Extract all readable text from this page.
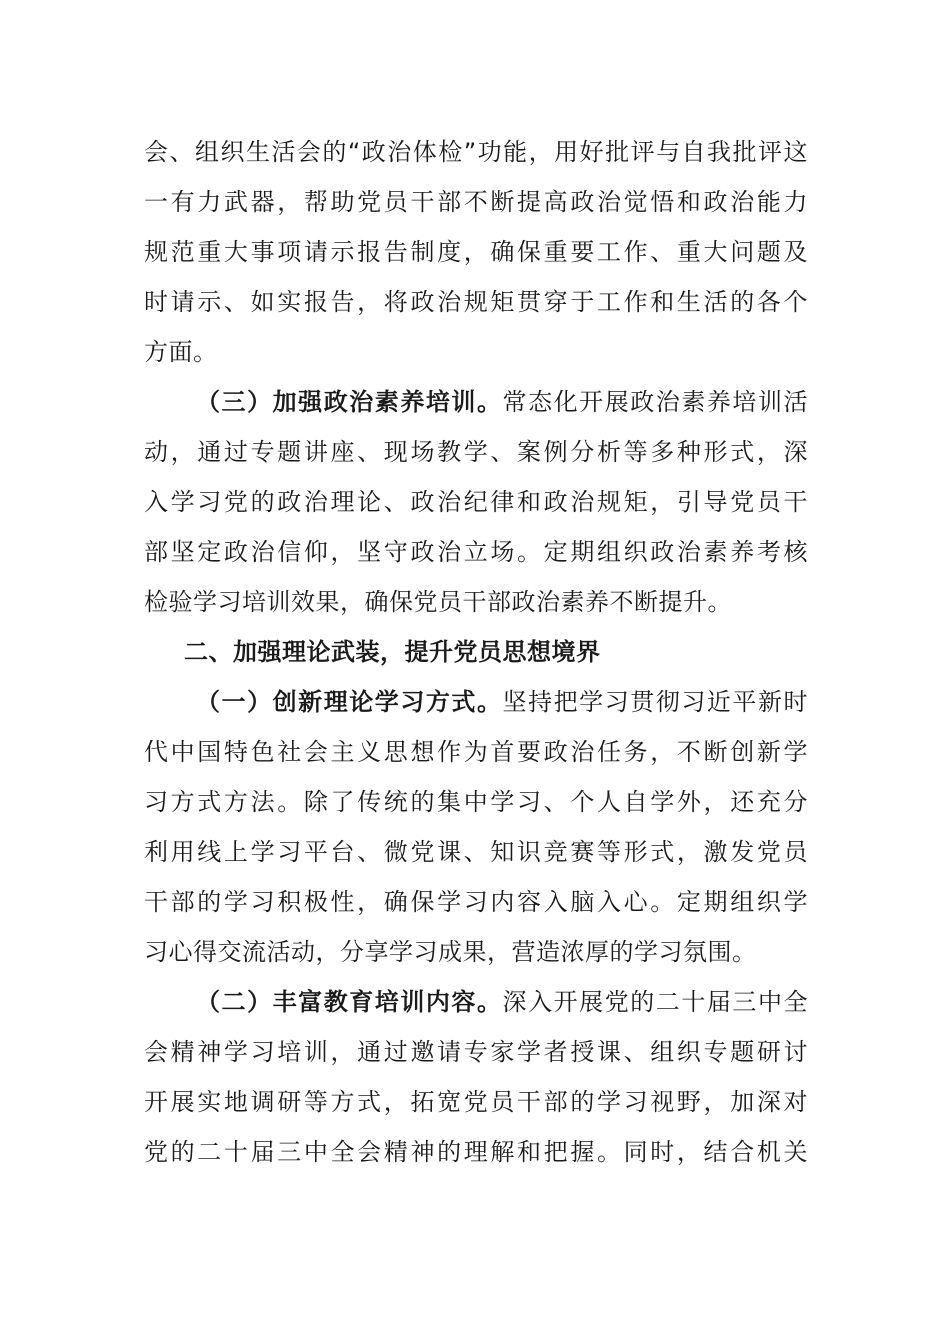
会、组织生活会的“政治体检”功能，用好批评与自我批评这
一有力武器，帮助党员干部不断提高政治觉悟和政治能力
规范重大事项请示报告制度，确保重要工作、重大问题及
时请示、如实报告，将政治规矩贯穿于工作和生活的各个
方面。
（三）加强政治素养培训。常态化开展政治素养培训活
动，通过专题讲座、现场教学、案例分析等多种形式，深
入学习党的政治理论、政治纪律和政治规矩，引导党员干
部坚定政治信仰，坚守政治立场。定期组织政治素养考核
检验学习培训效果，确保党员干部政治素养不断提升。
二、加强理论武装，提升党员思想境界
（一）创新理论学习方式。坚持把学习贯彻习近平新时
代中国特色社会主义思想作为首要政治任务，不断创新学
习方式方法。除了传统的集中学习、个人自学外，还充分
利用线上学习平台、微党课、知识竞赛等形式，激发党员
干部的学习积极性，确保学习内容入脑入心。定期组织学
习心得交流活动，分享学习成果，营造浓厚的学习氛围。
（二）丰富教育培训内容。深入开展党的二十届三中全
会精神学习培训，通过邀请专家学者授课、组织专题研讨
开展实地调研等方式，拓宽党员干部的学习视野，加深对
党的二十届三中全会精神的理解和把握。同时，结合机关
